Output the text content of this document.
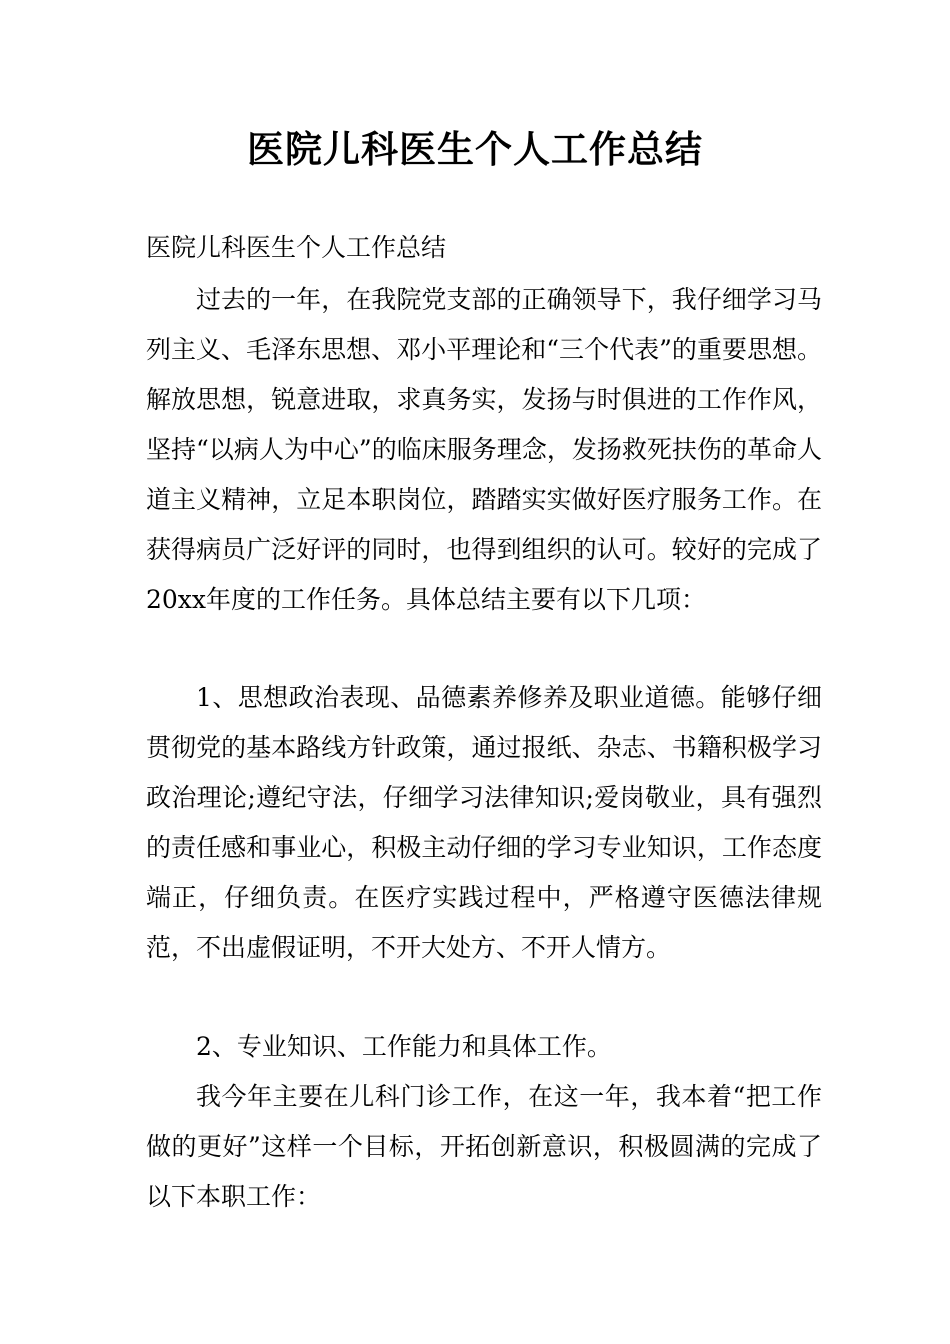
医院儿科医生个人工作总结

医院儿科医生个人工作总结

过去的一年，在我院党支部的正确领导下，我仔细学习马列主义、毛泽东思想、邓小平理论和“三个代表”的重要思想。解放思想，锐意进取，求真务实，发扬与时俱进的工作作风，坚持“以病人为中心”的临床服务理念，发扬救死扶伤的革命人道主义精神，立足本职岗位，踏踏实实做好医疗服务工作。在获得病员广泛好评的同时，也得到组织的认可。较好的完成了20xx年度的工作任务。具体总结主要有以下几项：

1、思想政治表现、品德素养修养及职业道德。能够仔细贯彻党的基本路线方针政策，通过报纸、杂志、书籍积极学习政治理论;遵纪守法，仔细学习法律知识;爱岗敬业，具有强烈的责任感和事业心，积极主动仔细的学习专业知识，工作态度端正，仔细负责。在医疗实践过程中，严格遵守医德法律规范，不出虚假证明，不开大处方、不开人情方。

2、专业知识、工作能力和具体工作。

我今年主要在儿科门诊工作，在这一年，我本着“把工作做的更好”这样一个目标，开拓创新意识，积极圆满的完成了以下本职工作：
